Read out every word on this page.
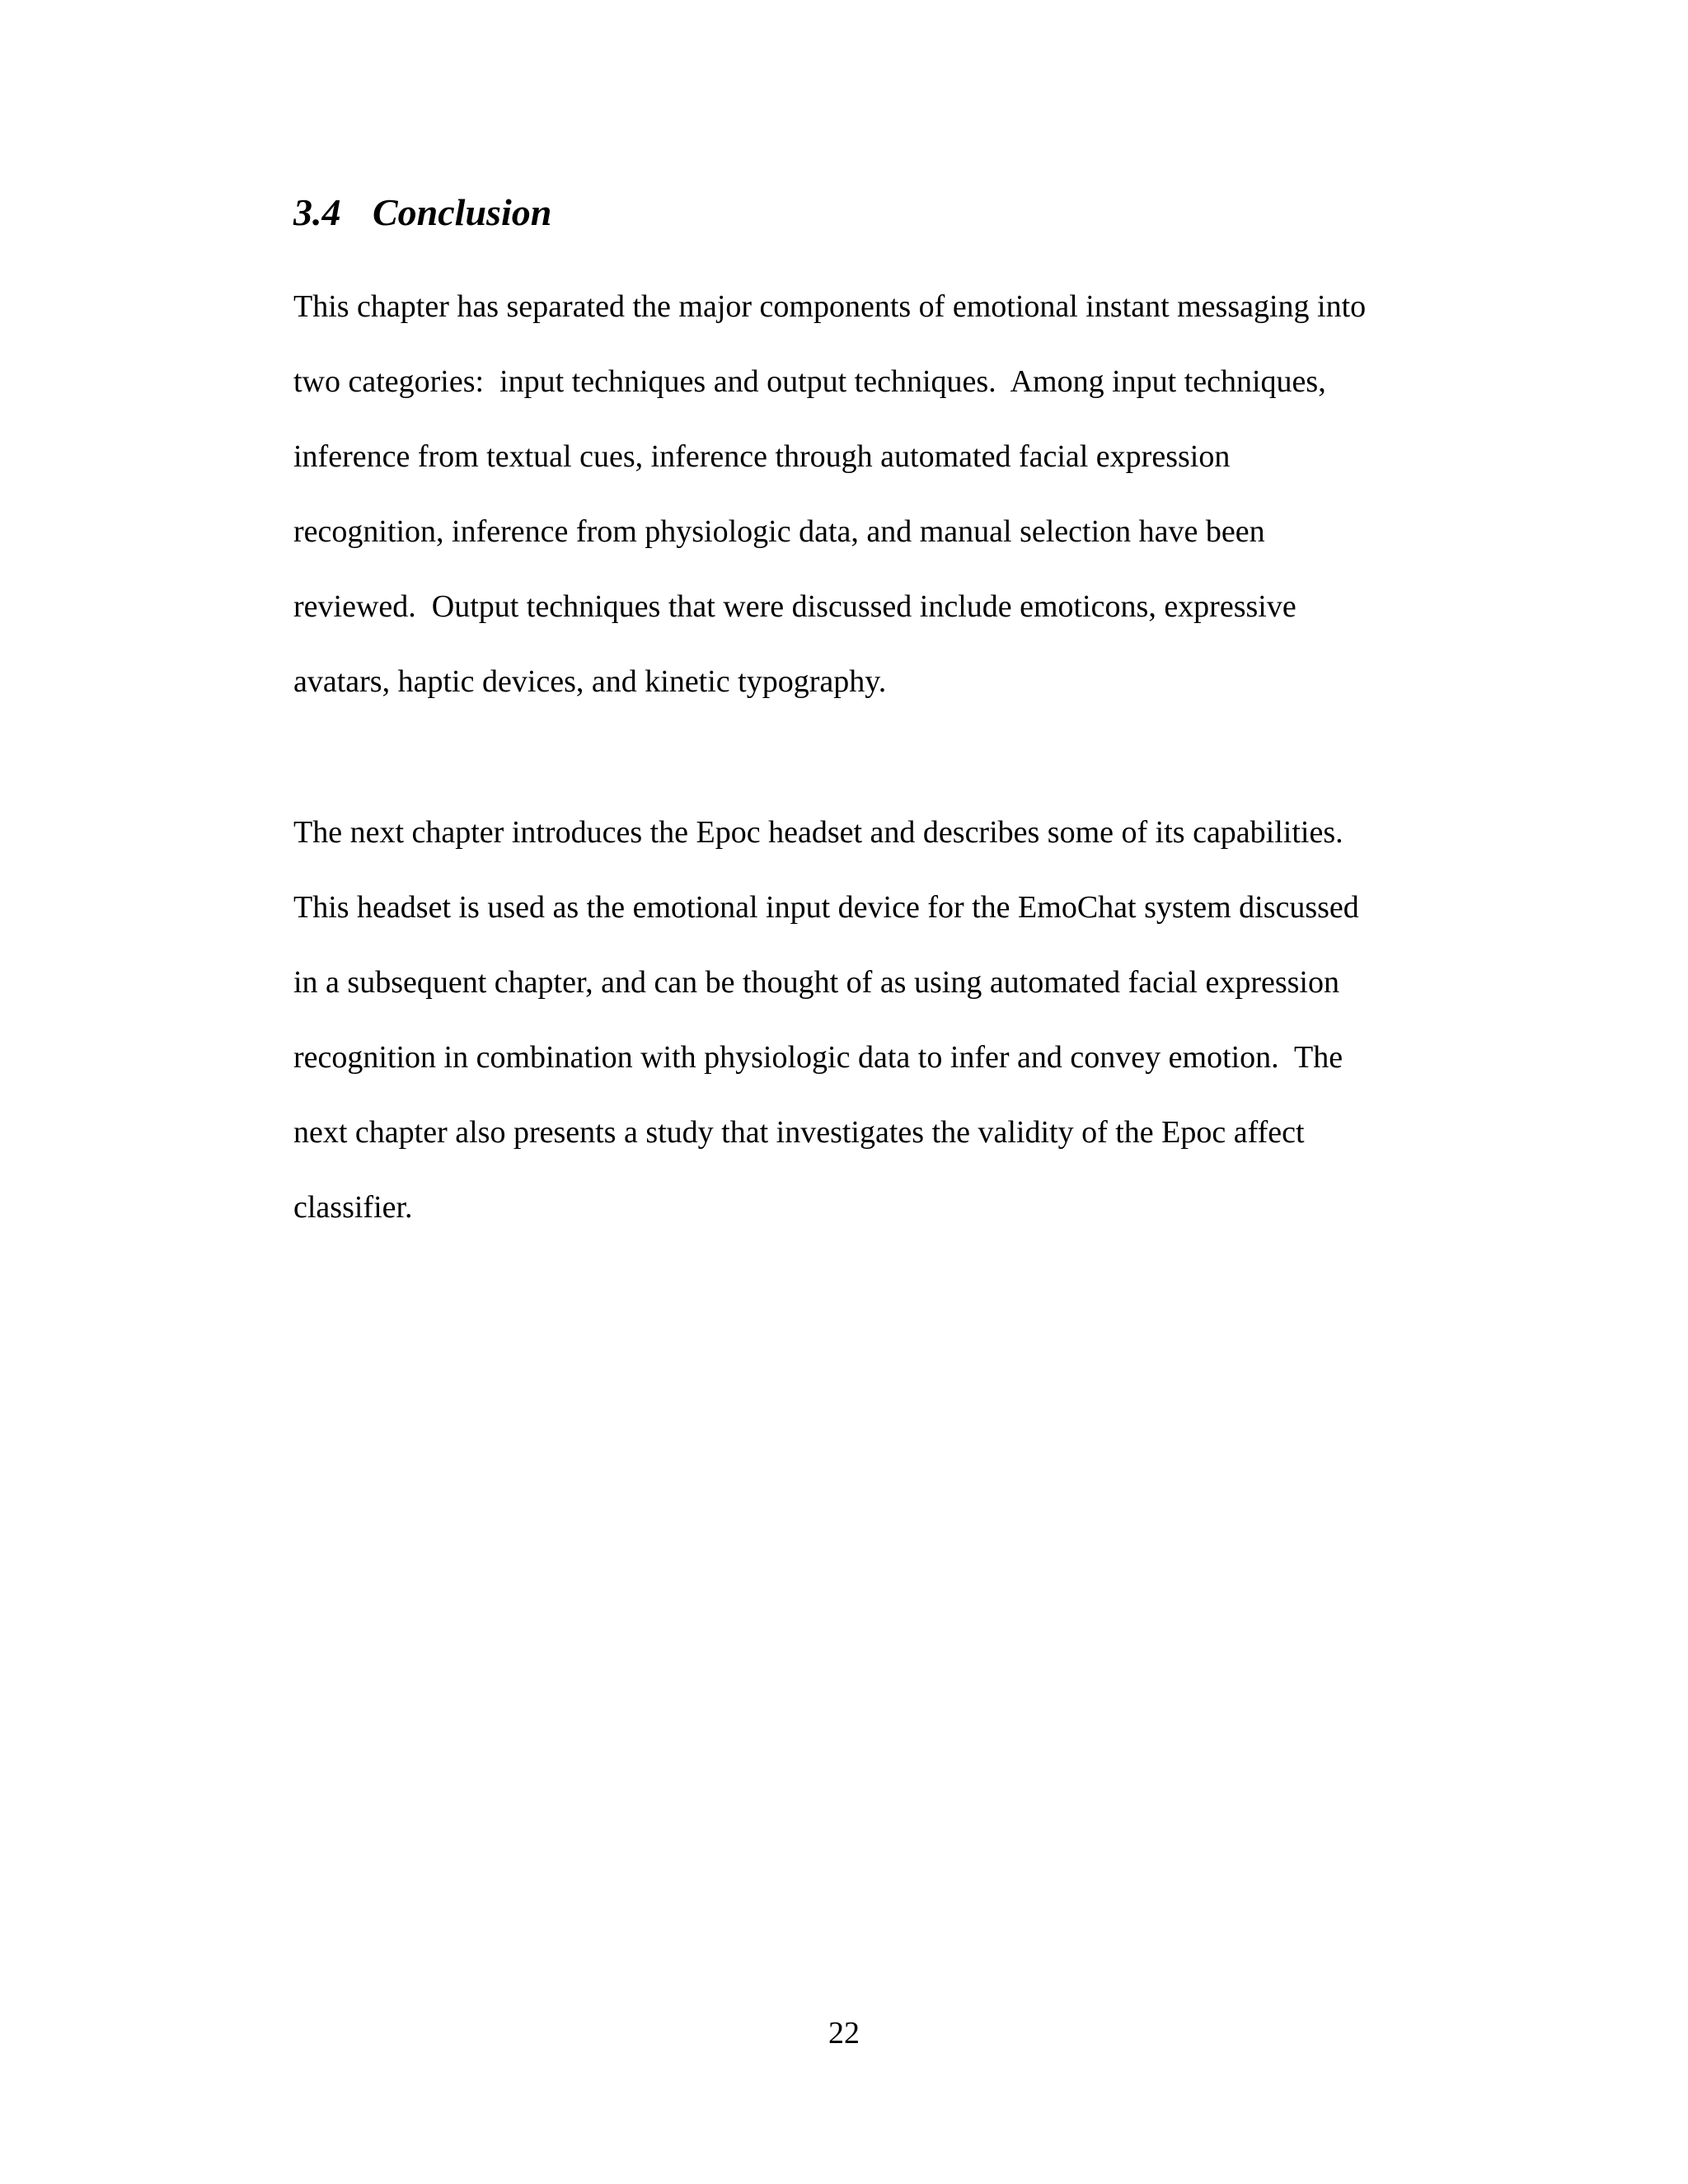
3.4 Conclusion

This chapter has separated the major components of emotional instant messaging into
two categories:  input techniques and output techniques.  Among input techniques,
inference from textual cues, inference through automated facial expression
recognition, inference from physiologic data, and manual selection have been
reviewed.  Output techniques that were discussed include emoticons, expressive
avatars, haptic devices, and kinetic typography.

The next chapter introduces the Epoc headset and describes some of its capabilities.
This headset is used as the emotional input device for the EmoChat system discussed
in a subsequent chapter, and can be thought of as using automated facial expression
recognition in combination with physiologic data to infer and convey emotion.  The
next chapter also presents a study that investigates the validity of the Epoc affect
classifier.

22
